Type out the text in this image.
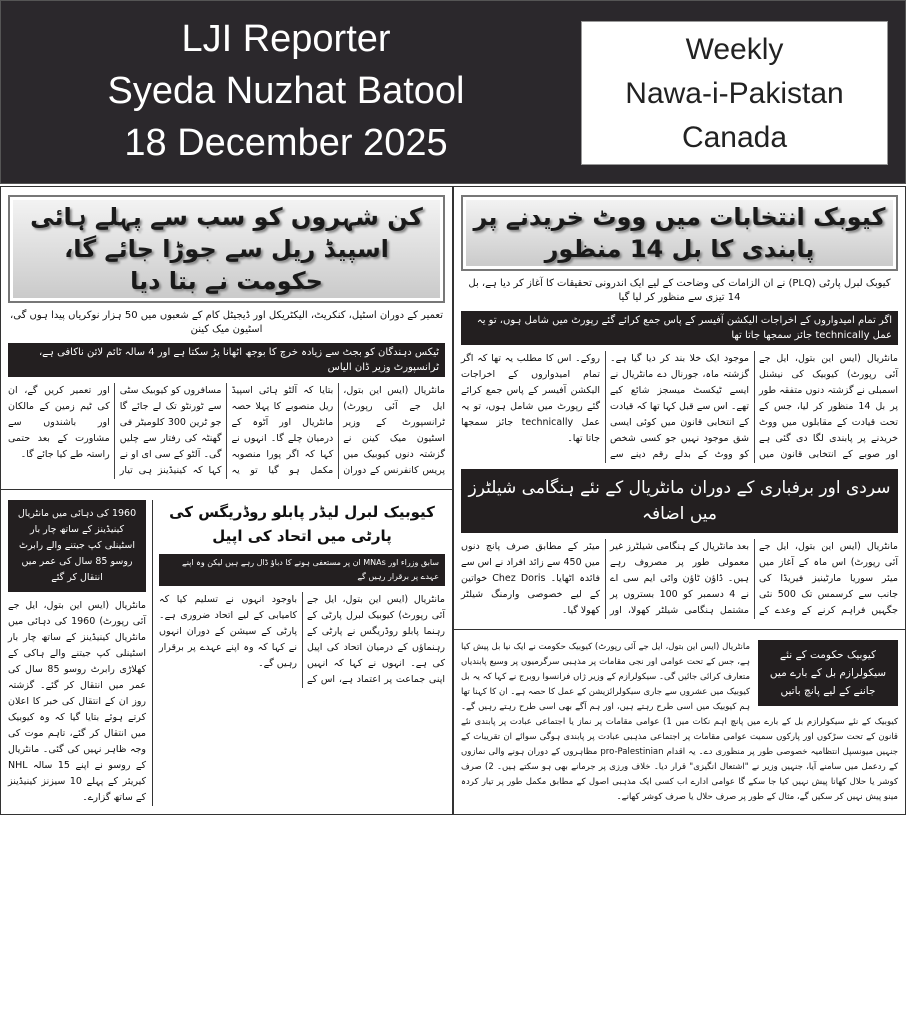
LJI Reporter
Syeda Nuzhat Batool
18 December 2025
Weekly
Nawa-i-Pakistan
Canada
کیوبک انتخابات میں ووٹ خریدنے پر پابندی کا بل 14 منظور
کیوبک لبرل پارٹی (PLQ) نے ان الزامات کی وضاحت کے لیے ایک اندرونی تحقیقات کا آغاز کر دیا ہے، بل 14 تیزی سے منظور کر لیا گیا
اگر تمام امیدواروں کے اخراجات الیکشن آفیسر کے پاس جمع کرائے گئے رپورٹ میں شامل ہوں، تو یہ عمل technically جائز سمجھا جاتا تھا
مانٹریال (ایس این بتول، ایل جے آئی رپورٹ) کیوبیک کی نیشنل اسمبلی نے گزشتہ دنوں متفقہ طور پر بل 14 منظور کر لیا، جس کے تحت قیادت کے مقابلوں میں ووٹ خریدنے پر پابندی لگا دی گئی ہے اور صوبے کے انتخابی قانون میں موجود ایک خلا بند کر دیا گیا ہے۔ گزشتہ ماہ، جورنال دے مانٹریال نے ایسے ٹیکسٹ میسجز شائع کیے تھے۔ اس سے قبل کہا تھا کہ قیادت کے انتخابی قانون میں کوئی ایسی شق موجود نہیں جو کسی شخص کو ووٹ کے بدلے رقم دینے سے روکے۔ اس کا مطلب یہ تھا کہ اگر تمام امیدواروں کے اخراجات الیکشن آفیسر کے پاس جمع کرائے گئے رپورٹ میں شامل ہوں، تو یہ عمل technically جائز سمجھا جاتا تھا۔
سردی اور برفباری کے دوران مانٹریال کے نئے ہنگامی شیلٹرز میں اضافہ
مانٹریال (ایس این بتول، ایل جے آئی رپورٹ) اس ماہ کے آغاز میں میئر سوریا مارٹینیز فیریڈا کی جانب سے کرسمس تک 500 نئی جگہیں فراہم کرنے کے وعدے کے بعد مانٹریال کے ہنگامی شیلٹرز غیر معمولی طور پر مصروف رہے ہیں۔ ڈاؤن ٹاؤن وائی ایم سی اے نے 4 دسمبر کو 100 بستروں پر مشتمل ہنگامی شیلٹر کھولا، اور میئر کے مطابق صرف پانچ دنوں میں 450 سے زائد افراد نے اس سے فائدہ اٹھایا۔ Chez Doris خواتین کے لیے خصوصی وارمنگ شیلٹر کھولا گیا۔
کیوبیک حکومت کے نئے سیکولرازم بل کے بارے میں جاننے کے لیے پانچ باتیں
مانٹریال (ایس این بتول، ایل جے آئی رپورٹ) کیوبیک حکومت نے ایک نیا بل پیش کیا ہے، جس کے تحت عوامی اور نجی مقامات پر مذہبی سرگرمیوں پر وسیع پابندیاں متعارف کرائی جائیں گی۔ سیکولرازم کے وزیر ژاں فرانسوا روبرج نے کہا کہ یہ بل کیوبیک میں عشروں سے جاری سیکولرائزیشن کے عمل کا حصہ ہے۔ ان کا کہنا تھا ہم کیوبیک میں اسی طرح رہتے ہیں، اور ہم آگے بھی اسی طرح رہتے رہیں گے۔ کیوبیک کے نئے سیکولرازم بل کے بارے میں پانچ اہم نکات میں 1) عوامی مقامات پر نماز یا اجتماعی عبادت پر پابندی نئے قانون کے تحت سڑکوں اور پارکوں سمیت عوامی مقامات پر اجتماعی مذہبی عبادت پر پابندی ہوگی سوائے ان تقریبات کے جنہیں میونسپل انتظامیہ خصوصی طور پر منظوری دے۔ یہ اقدام pro-Palestinian مظاہروں کے دوران ہونے والی نمازوں کے ردعمل میں سامنے آیا، جنہیں وزیر نے "اشتعال انگیزی" قرار دیا۔ خلاف ورزی پر جرمانے بھی ہو سکتے ہیں۔ 2) صرف کوشر یا حلال کھانا پیش نہیں کیا جا سکے گا عوامی ادارے اب کسی ایک مذہبی اصول کے مطابق مکمل طور پر تیار کردہ مینو پیش نہیں کر سکیں گے، مثال کے طور پر صرف حلال یا صرف کوشر کھانے۔
کن شہروں کو سب سے پہلے ہائی اسپیڈ ریل سے جوڑا جائے گا، حکومت نے بتا دیا
تعمیر کے دوران اسٹیل، کنکریٹ، الیکٹریکل اور ڈیجیٹل کام کے شعبوں میں 50 ہزار نوکریاں پیدا ہوں گی، اسٹیون میک کینن
ٹیکس دہندگان کو بجٹ سے زیادہ خرچ کا بوجھ اٹھانا پڑ سکتا ہے اور 4 سالہ ٹائم لائن ناکافی ہے، ٹرانسپورٹ وزیر ڈان الیاس
مانٹریال (ایس این بتول، ایل جے آئی رپورٹ) ٹرانسپورٹ کے وزیر اسٹیون میک کینن نے گزشتہ دنوں کیوبیک میں پریس کانفرنس کے دوران بتایا کہ آلٹو ہائی اسپیڈ ریل منصوبے کا پہلا حصہ مانٹریال اور آٹوہ کے درمیان چلے گا۔ انہوں نے کہا کہ اگر پورا منصوبہ مکمل ہو گیا تو یہ مسافروں کو کیوبیک سٹی سے ٹورنٹو تک لے جائے گا جو ٹرین 300 کلومیٹر فی گھنٹہ کی رفتار سے چلیں گی۔ آلٹو کے سی ای او نے کہا کہ کینیڈینز ہی تیار اور تعمیر کریں گے، ان کی ٹیم زمین کے مالکان اور باشندوں سے مشاورت کے بعد حتمی راستہ طے کیا جائے گا۔
کیوبیک لبرل لیڈر پابلو روڈریگس کی پارٹی میں اتحاد کی اپیل
سابق وزراء اور MNAs ان پر مستعفی ہونے کا دباؤ ڈال رہے ہیں لیکن وہ اپنے عہدے پر برقرار رہیں گے
مانٹریال (ایس این بتول، ایل جے آئی رپورٹ) کیوبیک لبرل پارٹی کے رہنما پابلو روڈریگس نے پارٹی کے رہنماؤں کے درمیان اتحاد کی اپیل کی ہے۔ انہوں نے کہا کہ انہیں اپنی جماعت پر اعتماد ہے، اس کے باوجود انہوں نے تسلیم کیا کہ کامیابی کے لیے اتحاد ضروری ہے۔ پارٹی کے سیشن کے دوران انہوں نے کہا کہ وہ اپنے عہدے پر برقرار رہیں گے۔
1960 کی دہائی میں مانٹریال کینیڈینز کے ساتھ چار بار اسٹینلی کپ جیتنے والے رابرٹ روسو 85 سال کی عمر میں انتقال کر گئے
مانٹریال (ایس این بتول، ایل جے آئی رپورٹ) 1960 کی دہائی میں مانٹریال کینیڈینز کے ساتھ چار بار اسٹینلی کپ جیتنے والے ہاکی کے کھلاڑی رابرٹ روسو 85 سال کی عمر میں انتقال کر گئے۔ گزشتہ روز ان کے انتقال کی خبر کا اعلان کرتے ہوئے بتایا گیا کہ وہ کیوبیک میں انتقال کر گئے، تاہم موت کی وجہ ظاہر نہیں کی گئی۔ مانٹریال کے روسو نے اپنے 15 سالہ NHL کیریئر کے پہلے 10 سیزنز کینیڈینز کے ساتھ گزارے۔
